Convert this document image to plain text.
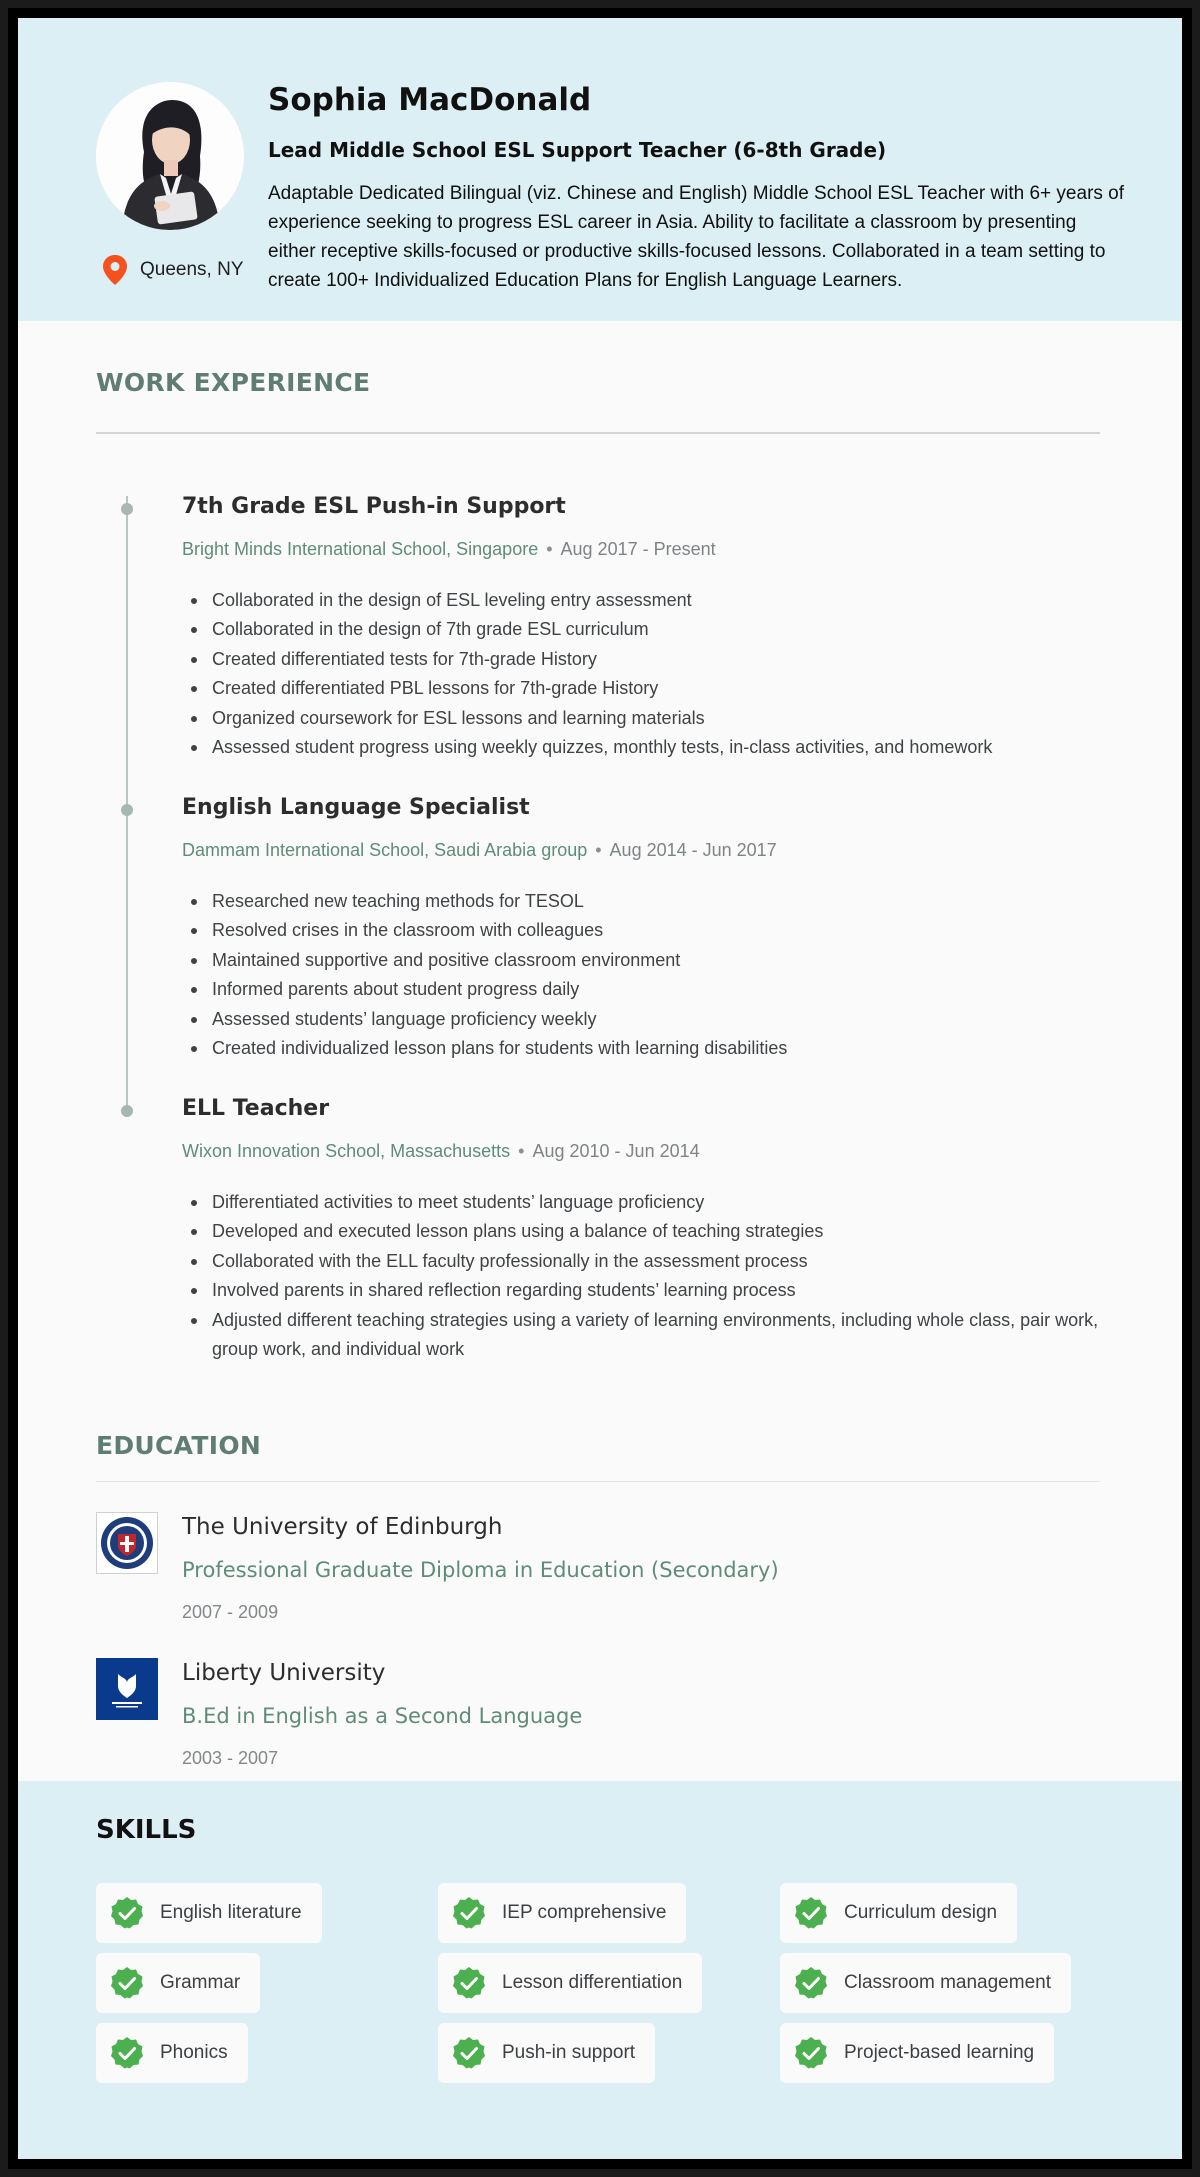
Queens, NY
Sophia MacDonald
Lead Middle School ESL Support Teacher (6-8th Grade)
Adaptable Dedicated Bilingual (viz. Chinese and English) Middle School ESL Teacher with 6+ years of experience seeking to progress ESL career in Asia. Ability to facilitate a classroom by presenting either receptive skills-focused or productive skills-focused lessons. Collaborated in a team setting to create 100+ Individualized Education Plans for English Language Learners.
WORK EXPERIENCE
7th Grade ESL Push-in Support
Bright Minds International School, Singapore • Aug 2017 - Present
Collaborated in the design of ESL leveling entry assessment
Collaborated in the design of 7th grade ESL curriculum
Created differentiated tests for 7th-grade History
Created differentiated PBL lessons for 7th-grade History
Organized coursework for ESL lessons and learning materials
Assessed student progress using weekly quizzes, monthly tests, in-class activities, and homework
English Language Specialist
Dammam International School, Saudi Arabia group • Aug 2014 - Jun 2017
Researched new teaching methods for TESOL
Resolved crises in the classroom with colleagues
Maintained supportive and positive classroom environment
Informed parents about student progress daily
Assessed students’ language proficiency weekly
Created individualized lesson plans for students with learning disabilities
ELL Teacher
Wixon Innovation School, Massachusetts • Aug 2010 - Jun 2014
Differentiated activities to meet students’ language proficiency
Developed and executed lesson plans using a balance of teaching strategies
Collaborated with the ELL faculty professionally in the assessment process
Involved parents in shared reflection regarding students’ learning process
Adjusted different teaching strategies using a variety of learning environments, including whole class, pair work, group work, and individual work
EDUCATION
The University of Edinburgh
Professional Graduate Diploma in Education (Secondary)
2007 - 2009
Liberty University
B.Ed in English as a Second Language
2003 - 2007
SKILLS
English literature	IEP comprehensive	Curriculum design
Grammar	Lesson differentiation	Classroom management
Phonics	Push-in support	Project-based learning
